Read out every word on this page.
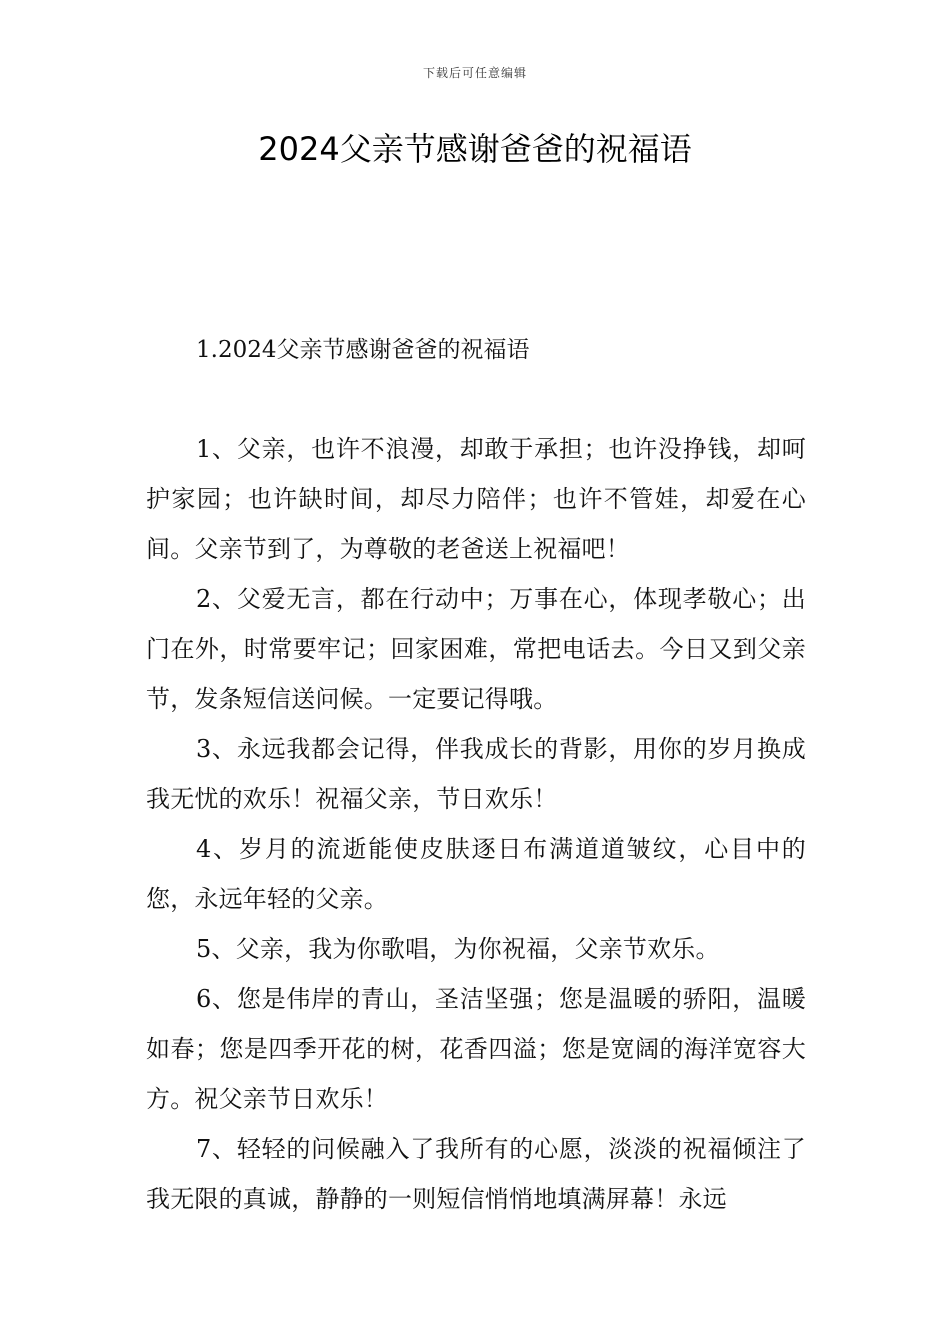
下载后可任意编辑
2024父亲节感谢爸爸的祝福语
1.2024父亲节感谢爸爸的祝福语

1、父亲，也许不浪漫，却敢于承担；也许没挣钱，却呵护家园；也许缺时间，却尽力陪伴；也许不管娃，却爱在心间。父亲节到了，为尊敬的老爸送上祝福吧！

2、父爱无言，都在行动中；万事在心，体现孝敬心；出门在外，时常要牢记；回家困难，常把电话去。今日又到父亲节，发条短信送问候。一定要记得哦。

3、永远我都会记得，伴我成长的背影，用你的岁月换成我无忧的欢乐！祝福父亲，节日欢乐！

4、岁月的流逝能使皮肤逐日布满道道皱纹，心目中的您，永远年轻的父亲。

5、父亲，我为你歌唱，为你祝福，父亲节欢乐。

6、您是伟岸的青山，圣洁坚强；您是温暖的骄阳，温暖如春；您是四季开花的树，花香四溢；您是宽阔的海洋宽容大方。祝父亲节日欢乐！

7、轻轻的问候融入了我所有的心愿，淡淡的祝福倾注了我无限的真诚，静静的一则短信悄悄地填满屏幕！永远
